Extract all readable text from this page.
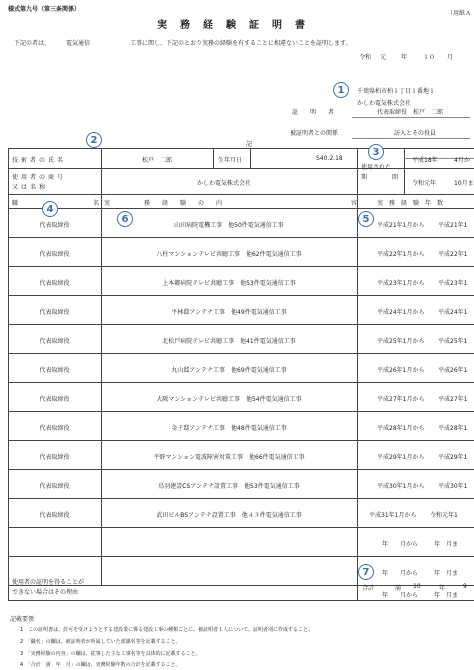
様式第九号（第三条関係）
（用紙Ａ
実務経験証明書
下記の者は、	電気通信	工事に関し、下記のとおり実務の経験を有することに相違ないことを証明します。
令和 元 年	１０ 月
千葉県柏市柏１丁目１番地１
かしわ電気株式会社
証　明　者	代表取締役　松戸　二郎
被証明者との関係	訪人とその役員
記
技術者の氏名	松戸　二郎	生年月日	S40.2.18
使用された
期	間
平成18年	4月か
使用者の商号
又は名称
かしわ電気株式会社	令和元年	10月ま
職	名 実	務　経　験　の　内	容	実　務　経　験　年　数
代表取締役	山田病院電機工事　他50件電気通信工事	平成21年1月から 平成21年1
代表取締役	八柱マンションテレビ共聴工事　他62件電気通信工事	平成22年1月から 平成22年1
代表取締役	上本郷病院テレビ共聴工事　他53件電気通信工事	平成23年1月から 平成23年1
代表取締役	平林邸アンテナ工事　他49件電気通信工事	平成24年1月から 平成24年1
代表取締役	北松戸病院テレビ共聴工事　他41件電気通信工事	平成25年1月から 平成25年1
代表取締役	丸山邸アンテナ工事　他69件電気通信工事	平成26年1月から 平成26年1
代表取締役	大阪マンションテレビ共聴工事　他54件電気通信工事	平成27年1月から 平成27年1
代表取締役	金子邸アンテナ工事　他48件電気通信工事	平成28年1月から 平成28年1
代表取締役	平野マンション電波障害対策工事　他66件電気通信工事	平成29年1月から 平成29年1
代表取締役	鳥羽建設CSアンテナ設置工事　他53件電気通信工事	平成30年1月から 平成30年1
代表取締役	武田ビルBSアンテナ設置工事　他４３件電気通信工事	平成31年1月から 令和元年1
年　　月から	年　月ま
年　　月から	年　月ま
年　　月から	年　月ま
使用者の証明を得ることが
できない場合はその理由
合計	満 10	年	9
記載要領
1　この証明書は、許可を受けようとする建設業に係る建設工事の種類ごとに、被証明者１人について、証明者別に作成すること。
2　「職名」の欄は、被証明者が所属していた部課名等を記載すること。
3　「実務経験の内容」の欄は、従事した主な工事名等を具体的に記載すること。
4　「合計　満　年　月」の欄は、実務経験年数の合計を記載すること。
1
2
3
4
5
6
7
